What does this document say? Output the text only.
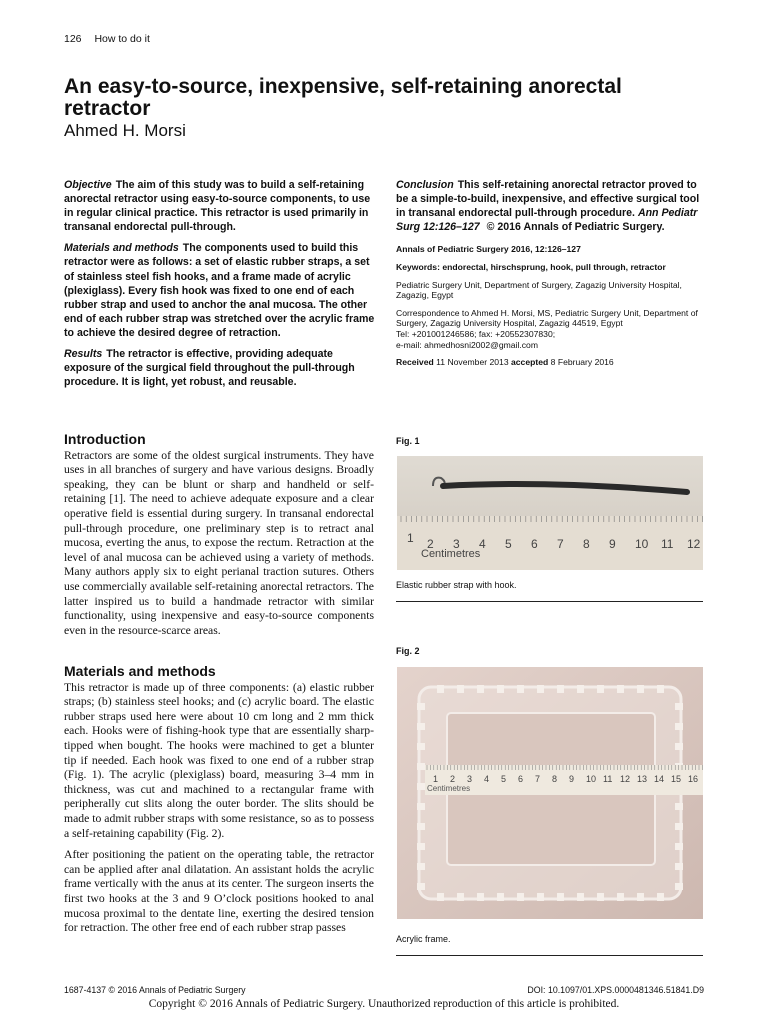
126 How to do it
An easy-to-source, inexpensive, self-retaining anorectal retractor
Ahmed H. Morsi

Objective The aim of this study was to build a self-retaining anorectal retractor using easy-to-source components, to use in regular clinical practice. This retractor is used primarily in transanal endorectal pull-through.

Materials and methods The components used to build this retractor were as follows: a set of elastic rubber straps, a set of stainless steel fish hooks, and a frame made of acrylic (plexiglass). Every fish hook was fixed to one end of each rubber strap and used to anchor the anal mucosa. The other end of each rubber strap was stretched over the acrylic frame to achieve the desired degree of retraction.

Results The retractor is effective, providing adequate exposure of the surgical field throughout the pull-through procedure. It is light, yet robust, and reusable.

Conclusion This self-retaining anorectal retractor proved to be a simple-to-build, inexpensive, and effective surgical tool in transanal endorectal pull-through procedure. Ann Pediatr Surg 12:126–127 © 2016 Annals of Pediatric Surgery.

Annals of Pediatric Surgery 2016, 12:126–127

Keywords: endorectal, hirschsprung, hook, pull through, retractor

Pediatric Surgery Unit, Department of Surgery, Zagazig University Hospital, Zagazig, Egypt

Correspondence to Ahmed H. Morsi, MS, Pediatric Surgery Unit, Department of Surgery, Zagazig University Hospital, Zagazig 44519, Egypt
Tel: +201001246586; fax: +20552307830;
e-mail: ahmedhosni2002@gmail.com

Received 11 November 2013 accepted 8 February 2016

Introduction

Retractors are some of the oldest surgical instruments. They have uses in all branches of surgery and have various designs. Broadly speaking, they can be blunt or sharp and handheld or self-retaining [1]. The need to achieve adequate exposure and a clear operative field is essential during surgery. In transanal endorectal pull-through procedure, one preliminary step is to retract anal mucosa, everting the anus, to expose the rectum. Retraction at the level of anal mucosa can be achieved using a variety of methods. Many authors apply six to eight perianal traction sutures. Others use commercially available self-retaining anorectal retractors. The latter inspired us to build a handmade retractor with similar functionality, using inexpensive and easy-to-source components even in the resource-scarce areas.

Materials and methods

This retractor is made up of three components: (a) elastic rubber straps; (b) stainless steel hooks; and (c) acrylic board. The elastic rubber straps used here were about 10 cm long and 2 mm thick each. Hooks were of fishing-hook type that are essentially sharp-tipped when bought. The hooks were machined to get a blunter tip if needed. Each hook was fixed to one end of a rubber strap (Fig. 1). The acrylic (plexiglass) board, measuring 3–4 mm in thickness, was cut and machined to a rectangular frame with peripherally cut slits along the outer border. The slits should be made to admit rubber straps with some resistance, so as to possess a self-retaining capability (Fig. 2).

After positioning the patient on the operating table, the retractor can be applied after anal dilatation. An assistant holds the acrylic frame vertically with the anus at its center. The surgeon inserts the first two hooks at the 3 and 9 O’clock positions hooked to anal mucosa proximal to the dentate line, exerting the desired tension for retraction. The other free end of each rubber strap passes

Fig. 1
1 2 3 4 5 6 7 8 9 10 11 12
Centimetres
Elastic rubber strap with hook.
Fig. 2
1 2 3 4 5 6 7 8 9 10 11 12 13 14 15 16
Centimetres
Acrylic frame.
1687-4137 © 2016 Annals of Pediatric Surgery	DOI: 10.1097/01.XPS.0000481346.51841.D9
Copyright © 2016 Annals of Pediatric Surgery. Unauthorized reproduction of this article is prohibited.
